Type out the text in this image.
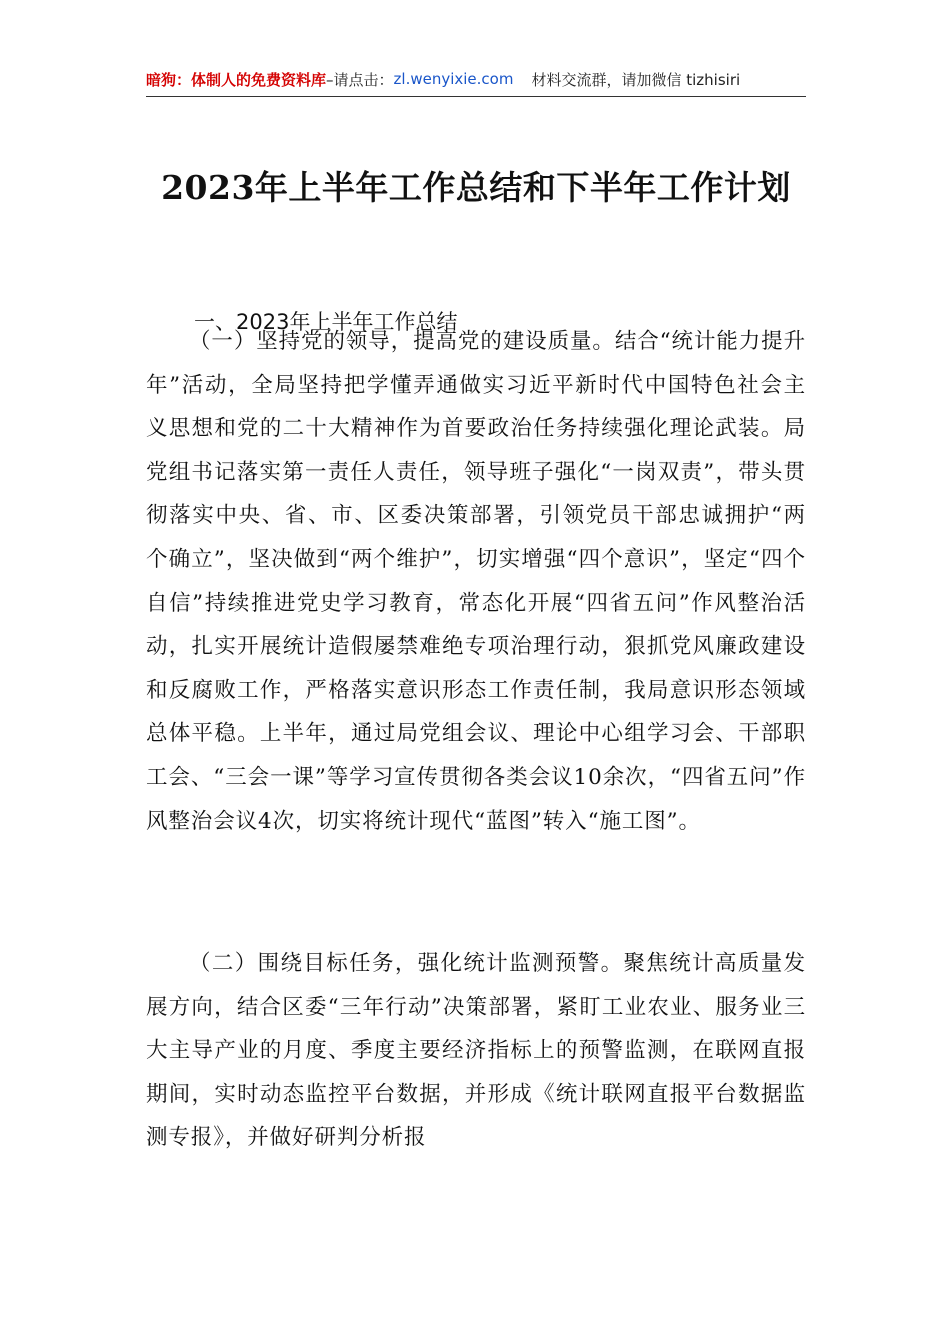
暗狗：体制人的免费资料库 –请点击： zl.wenyixie.com 材料交流群，请加微信 tizhisiri
2023年上半年工作总结和下半年工作计划
一、2023年上半年工作总结

（一）坚持党的领导，提高党的建设质量。结合“统计能力提升年”活动，全局坚持把学懂弄通做实习近平新时代中国特色社会主义思想和党的二十大精神作为首要政治任务持续强化理论武装。局党组书记落实第一责任人责任，领导班子强化“一岗双责”，带头贯彻落实中央、省、市、区委决策部署，引领党员干部忠诚拥护“两个确立”，坚决做到“两个维护”，切实增强“四个意识”，坚定“四个自信”持续推进党史学习教育，常态化开展“四省五问”作风整治活动，扎实开展统计造假屡禁难绝专项治理行动，狠抓党风廉政建设和反腐败工作，严格落实意识形态工作责任制，我局意识形态领域总体平稳。上半年，通过局党组会议、理论中心组学习会、干部职工会、“三会一课”等学习宣传贯彻各类会议10余次，“四省五问”作风整治会议4次，切实将统计现代“蓝图”转入“施工图”。

（二）围绕目标任务，强化统计监测预警。聚焦统计高质量发展方向，结合区委“三年行动”决策部署，紧盯工业农业、服务业三大主导产业的月度、季度主要经济指标上的预警监测，在联网直报期间，实时动态监控平台数据，并形成《统计联网直报平台数据监测专报》，并做好研判分析报
